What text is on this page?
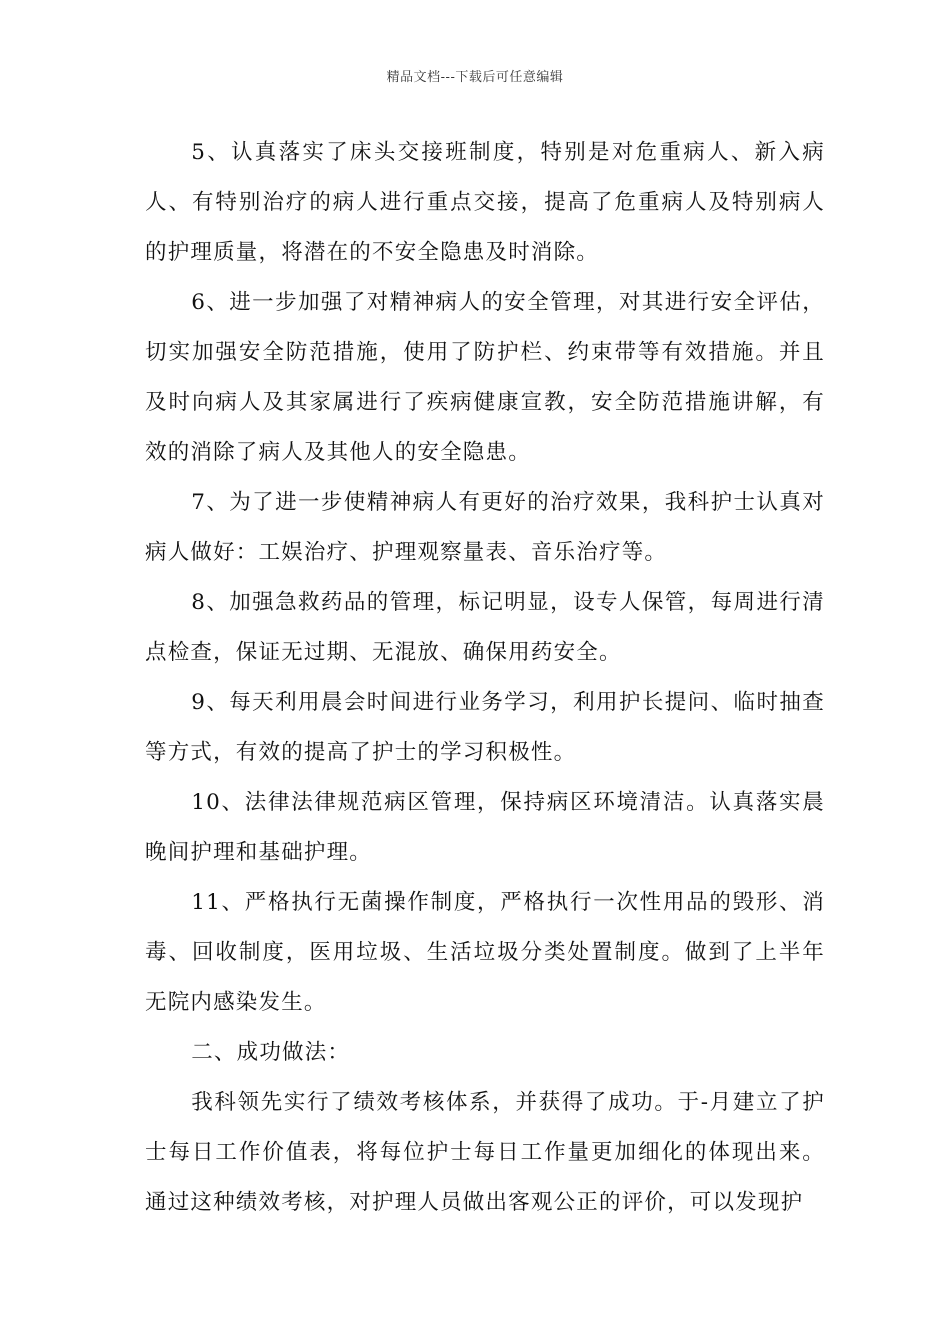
精品文档---下载后可任意编辑

5、认真落实了床头交接班制度，特别是对危重病人、新入病人、有特别治疗的病人进行重点交接，提高了危重病人及特别病人的护理质量，将潜在的不安全隐患及时消除。

6、进一步加强了对精神病人的安全管理，对其进行安全评估，切实加强安全防范措施，使用了防护栏、约束带等有效措施。并且及时向病人及其家属进行了疾病健康宣教，安全防范措施讲解，有效的消除了病人及其他人的安全隐患。

7、为了进一步使精神病人有更好的治疗效果，我科护士认真对病人做好：工娱治疗、护理观察量表、音乐治疗等。

8、加强急救药品的管理，标记明显，设专人保管，每周进行清点检查，保证无过期、无混放、确保用药安全。

9、每天利用晨会时间进行业务学习，利用护长提问、临时抽查等方式，有效的提高了护士的学习积极性。

10、法律法律规范病区管理，保持病区环境清洁。认真落实晨晚间护理和基础护理。

11、严格执行无菌操作制度，严格执行一次性用品的毁形、消毒、回收制度，医用垃圾、生活垃圾分类处置制度。做到了上半年无院内感染发生。

二、成功做法：

我科领先实行了绩效考核体系，并获得了成功。于-月建立了护士每日工作价值表，将每位护士每日工作量更加细化的体现出来。通过这种绩效考核，对护理人员做出客观公正的评价，可以发现护
